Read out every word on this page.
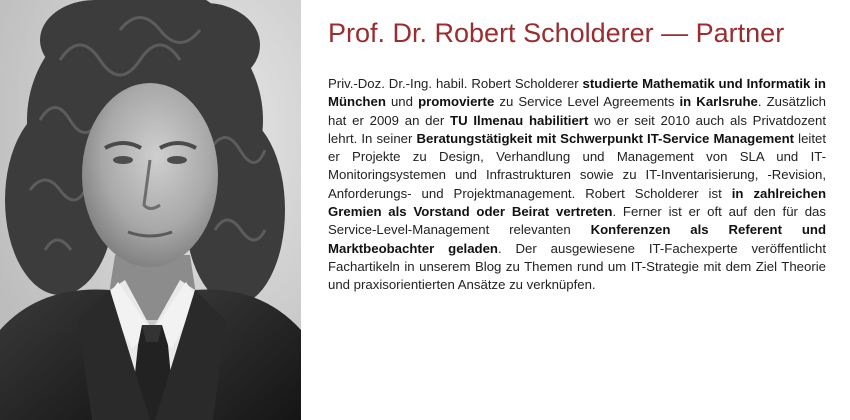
Prof. Dr. Robert Scholderer — Partner

Priv.-Doz. Dr.-Ing. habil. Robert Scholderer studierte Mathematik und Informatik in München und promovierte zu Service Level Agreements in Karlsruhe. Zusätzlich hat er 2009 an der TU Ilmenau habilitiert wo er seit 2010 auch als Privatdozent lehrt. In seiner Beratungstätigkeit mit Schwerpunkt IT-Service Management leitet er Projekte zu Design, Verhandlung und Management von SLA und IT-Monitoringsystemen und Infrastrukturen sowie zu IT-Inventarisierung, -Revision, Anforderungs- und Projektmanagement. Robert Scholderer ist in zahlreichen Gremien als Vorstand oder Beirat vertreten. Ferner ist er oft auf den für das Service-Level-Management relevanten Konferenzen als Referent und Marktbeobachter geladen. Der ausgewiesene IT-Fachexperte veröffentlicht Fachartikeln in unserem Blog zu Themen rund um IT-Strategie mit dem Ziel Theorie und praxisorientierten Ansätze zu verknüpfen.
